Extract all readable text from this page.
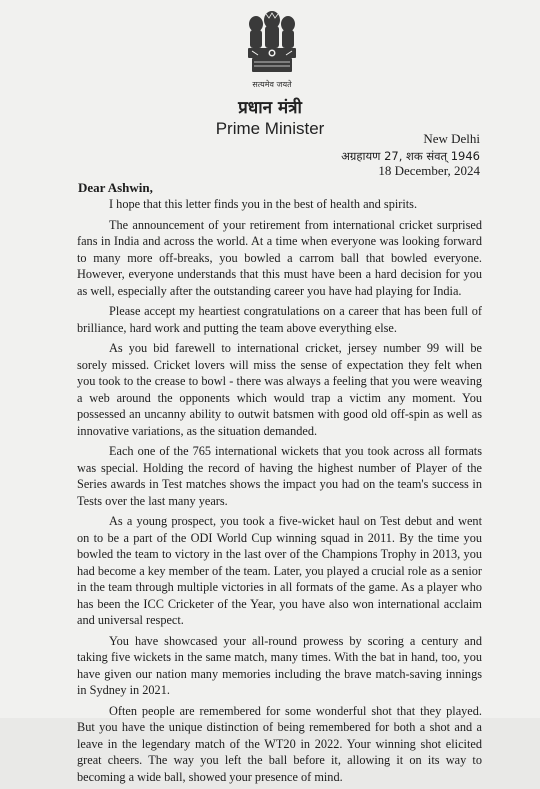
सत्यमेव जयते
प्रधान मंत्री
Prime Minister
New Delhi
अग्रहायण 27, शक संवत् 1946
18 December, 2024
Dear Ashwin,

I hope that this letter finds you in the best of health and spirits.

The announcement of your retirement from international cricket surprised fans in India and across the world. At a time when everyone was looking forward to many more off-breaks, you bowled a carrom ball that bowled everyone. However, everyone understands that this must have been a hard decision for you as well, especially after the outstanding career you have had playing for India.

Please accept my heartiest congratulations on a career that has been full of brilliance, hard work and putting the team above everything else.

As you bid farewell to international cricket, jersey number 99 will be sorely missed. Cricket lovers will miss the sense of expectation they felt when you took to the crease to bowl - there was always a feeling that you were weaving a web around the opponents which would trap a victim any moment. You possessed an uncanny ability to outwit batsmen with good old off-spin as well as innovative variations, as the situation demanded.

Each one of the 765 international wickets that you took across all formats was special. Holding the record of having the highest number of Player of the Series awards in Test matches shows the impact you had on the team's success in Tests over the last many years.

As a young prospect, you took a five-wicket haul on Test debut and went on to be a part of the ODI World Cup winning squad in 2011. By the time you bowled the team to victory in the last over of the Champions Trophy in 2013, you had become a key member of the team. Later, you played a crucial role as a senior in the team through multiple victories in all formats of the game. As a player who has been the ICC Cricketer of the Year, you have also won international acclaim and universal respect.

You have showcased your all-round prowess by scoring a century and taking five wickets in the same match, many times. With the bat in hand, too, you have given our nation many memories including the brave match-saving innings in Sydney in 2021.

Often people are remembered for some wonderful shot that they played. But you have the unique distinction of being remembered for both a shot and a leave in the legendary match of the WT20 in 2022. Your winning shot elicited great cheers. The way you left the ball before it, allowing it on its way to becoming a wide ball, showed your presence of mind.
